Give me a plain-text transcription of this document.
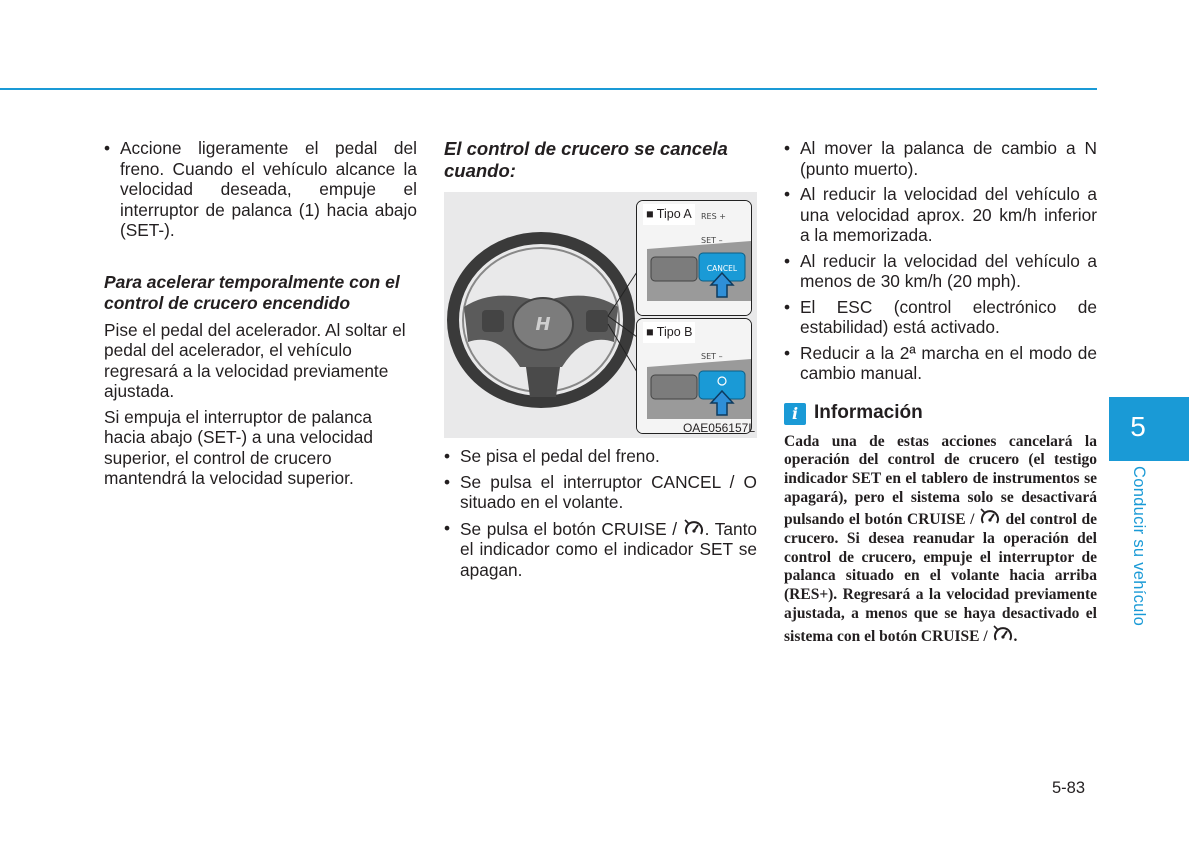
• Accione ligeramente el pedal del freno. Cuando el vehículo alcance la velocidad deseada, empuje el interruptor de palanca (1) hacia abajo (SET-).

Para acelerar temporalmente con el control de crucero encendido

Pise el pedal del acelerador. Al soltar el pedal del acelerador, el vehículo regresará a la velocidad previamente ajustada.

Si empuja el interruptor de palanca hacia abajo (SET-) a una velocidad superior, el control de crucero mantendrá la velocidad superior.

El control de crucero se cancela cuando:

H
■ Tipo A	RES +
SET –
CANCEL
■ Tipo B
SET –
OAE056157L
• Se pisa el pedal del freno.
• Se pulsa el interruptor CANCEL / O situado en el volante.
• Se pulsa el botón CRUISE / . Tanto el indicador como el indicador SET se apagan.
• Al mover la palanca de cambio a N (punto muerto).
• Al reducir la velocidad del vehículo a una velocidad aprox. 20 km/h inferior a la memorizada.
• Al reducir la velocidad del vehículo a menos de 30 km/h (20 mph).
• El ESC (control electrónico de estabilidad) está activado.
• Reducir a la 2ª marcha en el modo de cambio manual.
i Información

Cada una de estas acciones cancelará la operación del control de crucero (el testigo indicador SET en el tablero de instrumentos se apagará), pero el sistema solo se desactivará pulsando el botón CRUISE / del control de crucero. Si desea reanudar la operación del control de crucero, empuje el interruptor de palanca situado en el volante hacia arriba (RES+). Regresará a la velocidad previamente ajustada, a menos que se haya desactivado el sistema con el botón CRUISE / .

5
Conducir su vehículo
5-83
